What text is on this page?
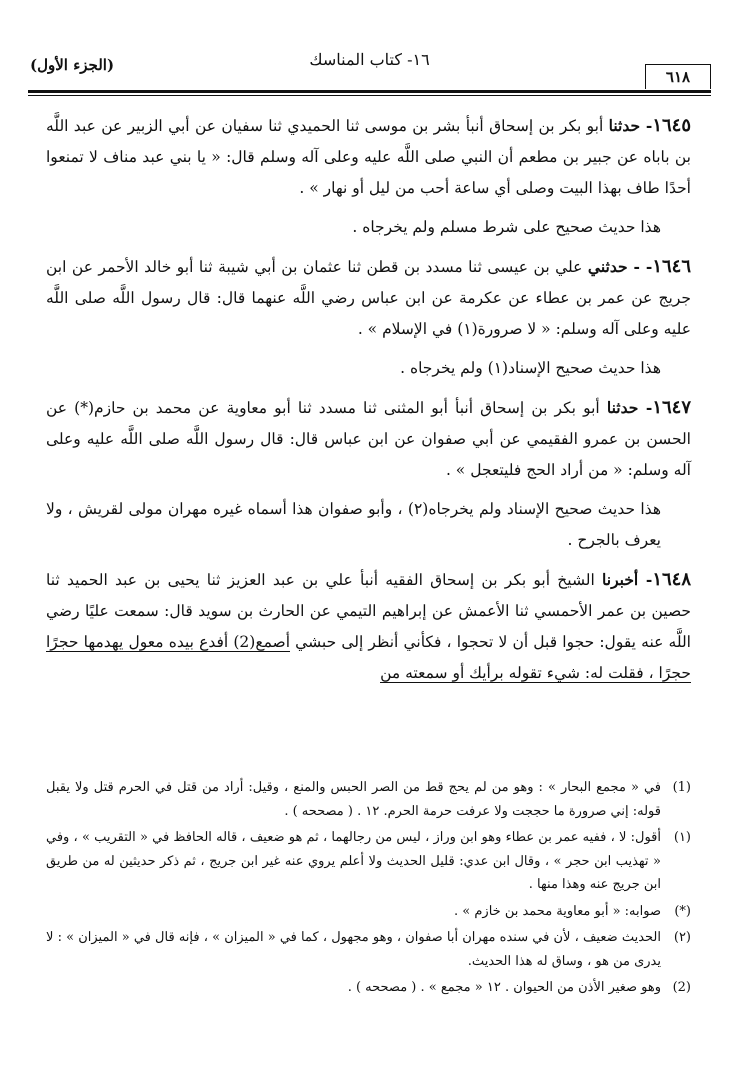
(الجزء الأول)	١٦- كتاب المناسك
٦١٨

١٦٤٥- حدثنا أبو بكر بن إسحاق أنبأ بشر بن موسى ثنا الحميدي ثنا سفيان عن أبي الزبير عن عبد اللَّه بن باباه عن جبير بن مطعم أن النبي صلى اللَّه عليه وعلى آله وسلم قال: « يا بني عبد مناف لا تمنعوا أحدًا طاف بهذا البيت وصلى أي ساعة أحب من ليل أو نهار » .

هذا حديث صحيح على شرط مسلم ولم يخرجاه .

١٦٤٦- - حدثني علي بن عيسى ثنا مسدد بن قطن ثنا عثمان بن أبي شيبة ثنا أبو خالد الأحمر عن ابن جريج عن عمر بن عطاء عن عكرمة عن ابن عباس رضي اللَّه عنهما قال: قال رسول اللَّه صلى اللَّه عليه وعلى آله وسلم: « لا صرورة(١) في الإسلام » .

هذا حديث صحيح الإسناد(١) ولم يخرجاه .

١٦٤٧- حدثنا أبو بكر بن إسحاق أنبأ أبو المثنى ثنا مسدد ثنا أبو معاوية عن محمد بن حازم(*) عن الحسن بن عمرو الفقيمي عن أبي صفوان عن ابن عباس قال: قال رسول اللَّه صلى اللَّه عليه وعلى آله وسلم: « من أراد الحج فليتعجل » .

هذا حديث صحيح الإسناد ولم يخرجاه(٢) ، وأبو صفوان هذا أسماه غيره مهران مولى لقريش ، ولا يعرف بالجرح .

١٦٤٨- أخبرنا الشيخ أبو بكر بن إسحاق الفقيه أنبأ علي بن عبد العزيز ثنا يحيى بن عبد الحميد ثنا حصين بن عمر الأحمسي ثنا الأعمش عن إبراهيم التيمي عن الحارث بن سويد قال: سمعت عليًا رضي اللَّه عنه يقول: حجوا قبل أن لا تحجوا ، فكأني أنظر إلى حبشي أصمع(2) أفدع بيده معول يهدمها حجرًا حجرًا ، فقلت له: شيء تقوله برأيك أو سمعته من

(1)
في « مجمع البحار » : وهو من لم يحج قط من الصر الحبس والمنع ، وقيل: أراد من قتل في الحرم قتل ولا يقبل قوله: إني صرورة ما حججت ولا عرفت حرمة الحرم. ١٢ . ( مصححه ) .
(١)
أقول: لا ، ففيه عمر بن عطاء وهو ابن وراز ، ليس من رجالهما ، ثم هو ضعيف ، قاله الحافظ في « التقريب » ، وفي « تهذيب ابن حجر » ، وقال ابن عدي: قليل الحديث ولا أعلم يروي عنه غير ابن جريج ، ثم ذكر حديثين له من طريق ابن جريج عنه وهذا منها .
(*)
صوابه: « أبو معاوية محمد بن خازم » .
(٢)
الحديث ضعيف ، لأن في سنده مهران أبا صفوان ، وهو مجهول ، كما في « الميزان » ، فإنه قال في « الميزان » : لا يدرى من هو ، وساق له هذا الحديث.
(2)
وهو صغير الأذن من الحيوان . ١٢ « مجمع » . ( مصححه ) .
